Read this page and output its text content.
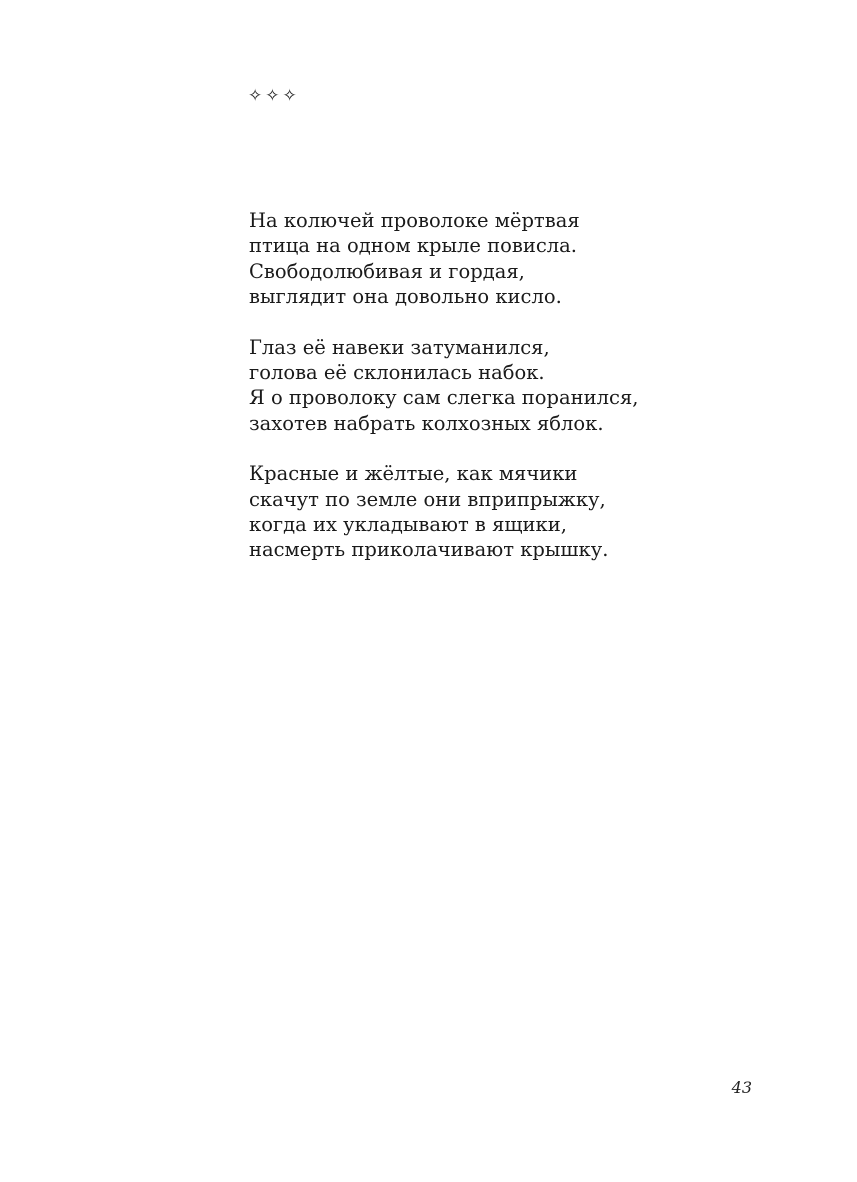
✧✧✧
На колючей проволоке мёртвая
птица на одном крыле повисла.
Свободолюбивая и гордая,
выглядит она довольно кисло.
Глаз её навеки затуманился,
голова её склонилась набок.
Я о проволоку сам слегка поранился,
захотев набрать колхозных яблок.
Красные и жёлтые, как мячики
скачут по земле они вприпрыжку,
когда их укладывают в ящики,
насмерть приколачивают крышку.
43
